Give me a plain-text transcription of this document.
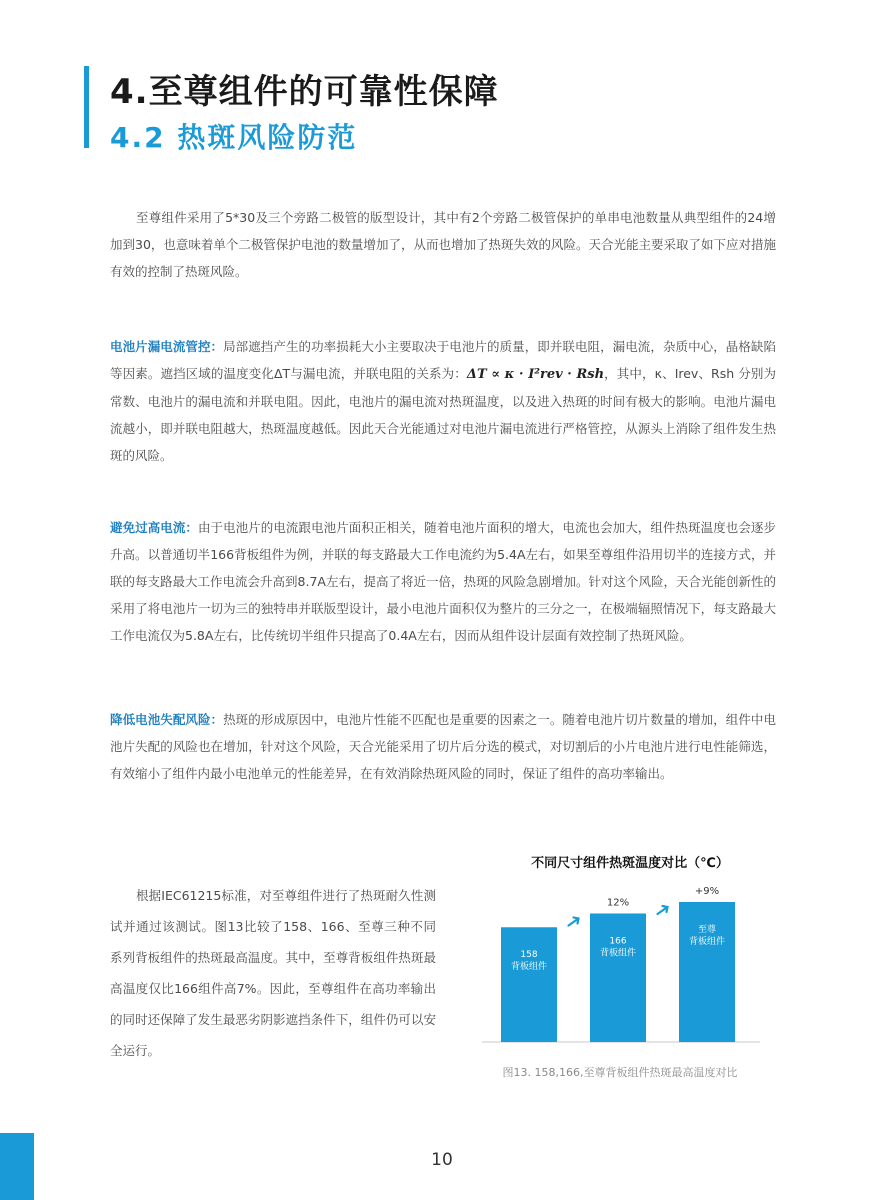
4.至尊组件的可靠性保障
4.2 热斑风险防范
至尊组件采用了5*30及三个旁路二极管的版型设计，其中有2个旁路二极管保护的单串电池数量从典型组件的24增加到30，也意味着单个二极管保护电池的数量增加了，从而也增加了热斑失效的风险。天合光能主要采取了如下应对措施有效的控制了热斑风险。
电池片漏电流管控：局部遮挡产生的功率损耗大小主要取决于电池片的质量，即并联电阻，漏电流，杂质中心，晶格缺陷等因素。遮挡区域的温度变化ΔT与漏电流，并联电阻的关系为：ΔT ∝ κ · I²rev · Rsh，其中，κ、Irev、Rsh 分别为常数、电池片的漏电流和并联电阻。因此，电池片的漏电流对热斑温度，以及进入热斑的时间有极大的影响。电池片漏电流越小，即并联电阻越大，热斑温度越低。因此天合光能通过对电池片漏电流进行严格管控，从源头上消除了组件发生热斑的风险。
避免过高电流：由于电池片的电流跟电池片面积正相关，随着电池片面积的增大，电流也会加大，组件热斑温度也会逐步升高。以普通切半166背板组件为例，并联的每支路最大工作电流约为5.4A左右，如果至尊组件沿用切半的连接方式，并联的每支路最大工作电流会升高到8.7A左右，提高了将近一倍，热斑的风险急剧增加。针对这个风险，天合光能创新性的采用了将电池片一切为三的独特串并联版型设计，最小电池片面积仅为整片的三分之一，在极端辐照情况下，每支路最大工作电流仅为5.8A左右，比传统切半组件只提高了0.4A左右，因而从组件设计层面有效控制了热斑风险。
降低电池失配风险：热斑的形成原因中，电池片性能不匹配也是重要的因素之一。随着电池片切片数量的增加，组件中电池片失配的风险也在增加，针对这个风险，天合光能采用了切片后分选的模式，对切割后的小片电池片进行电性能筛选，有效缩小了组件内最小电池单元的性能差异，在有效消除热斑风险的同时，保证了组件的高功率输出。
根据IEC61215标准，对至尊组件进行了热斑耐久性测试并通过该测试。图13比较了158、166、至尊三种不同系列背板组件的热斑最高温度。其中，至尊背板组件热斑最高温度仅比166组件高7%。因此，至尊组件在高功率输出的同时还保障了发生最恶劣阴影遮挡条件下，组件仍可以安全运行。
不同尺寸组件热斑温度对比（℃）
158
背板组件
166
背板组件
12%
至尊
背板组件
+9%
图13. 158,166,至尊背板组件热斑最高温度对比
10
